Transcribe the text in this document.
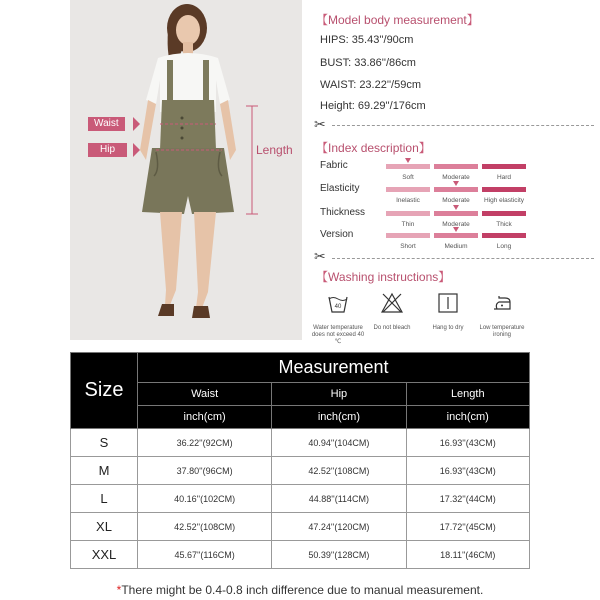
Waist
Hip	Length
【Model body measurement】
HIPS: 35.43''/90cm
BUST: 33.86''/86cm
WAIST: 23.22''/59cm
Height: 69.29''/176cm
✂
【Index description】
Fabric
Soft	Moderate	Hard
Elasticity
Inelastic	Moderate	High elasticity
Thickness
Thin	Moderate	Thick
Version
Short	Medium	Long
✂
【Washing instructions】
40
Water temperature
does not exceed 40 ℃
Do not bleach	Hang to dry	Low temperature
ironing
Size	Measurement		
	Waist	Hip	Length
	inch(cm)	inch(cm)	inch(cm)
S	36.22''(92CM)	40.94''(104CM)	16.93''(43CM)
M	37.80''(96CM)	42.52''(108CM)	16.93''(43CM)
L	40.16''(102CM)	44.88''(114CM)	17.32''(44CM)
XL	42.52''(108CM)	47.24''(120CM)	17.72''(45CM)
XXL	45.67''(116CM)	50.39''(128CM)	18.11''(46CM)
*There might be 0.4-0.8 inch difference due to manual measurement.
